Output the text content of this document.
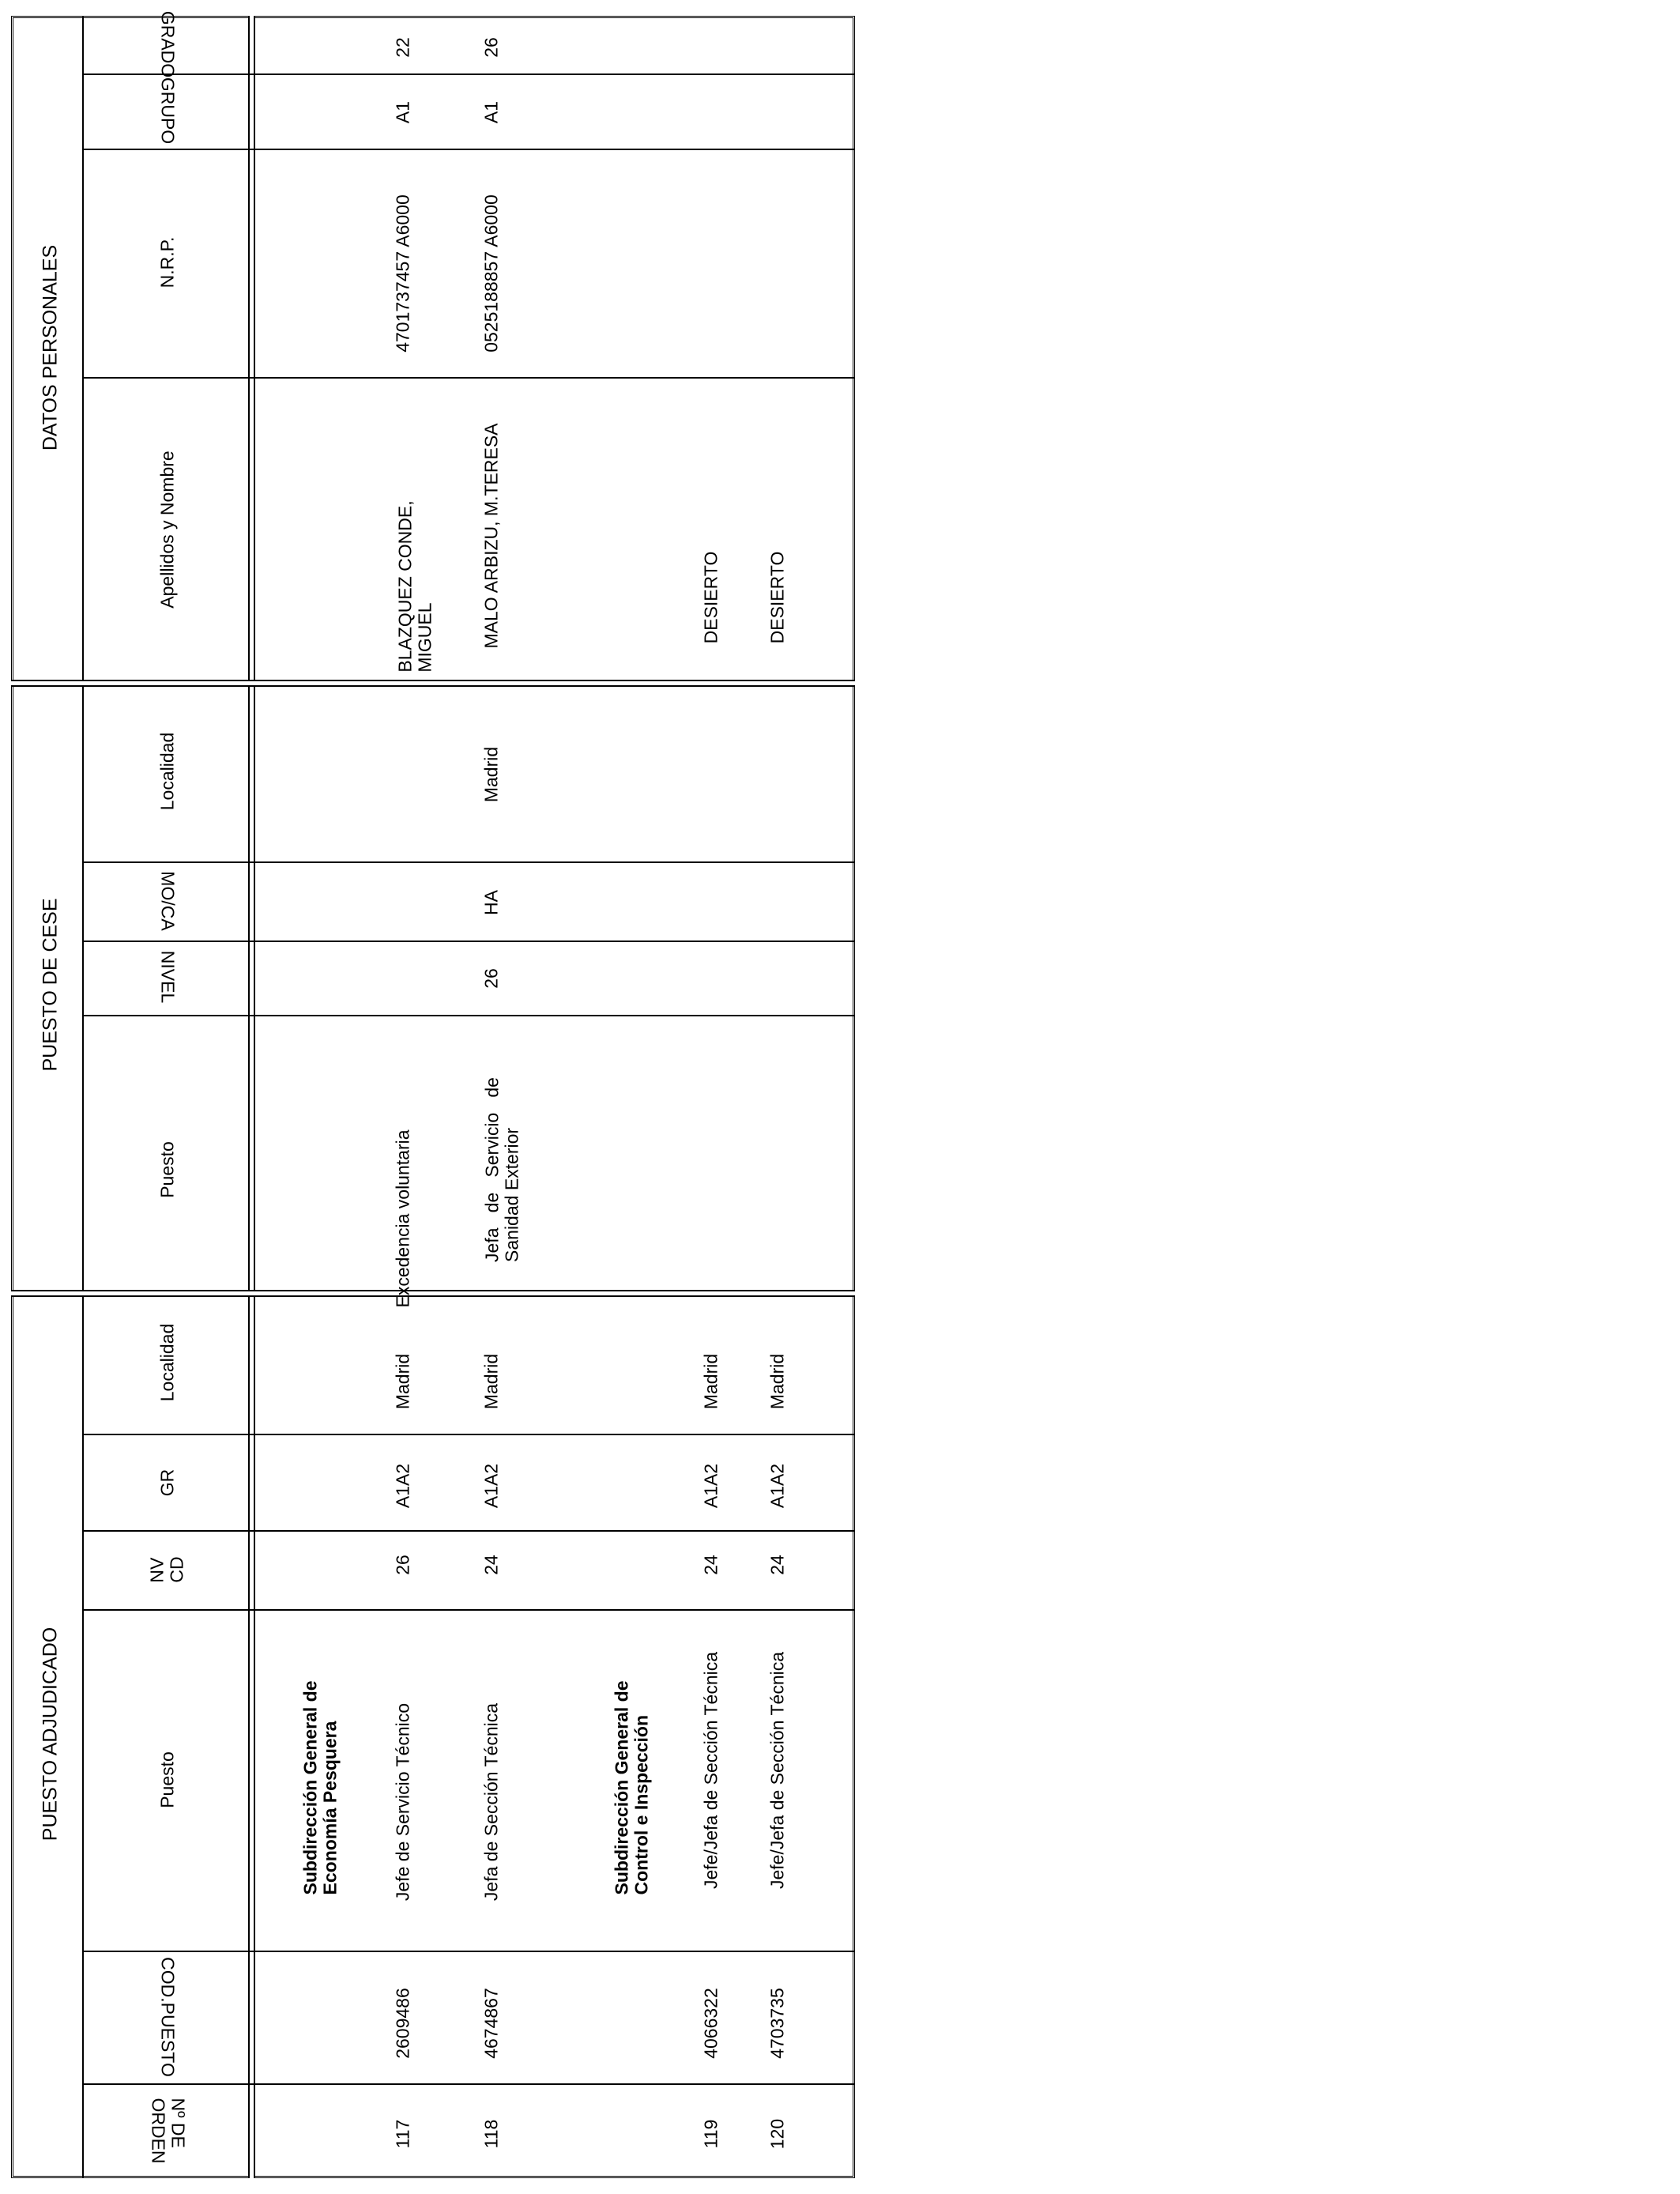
DATOS PERSONALES
PUESTO DE CESE
PUESTO ADJUDICADO
GRADO
GRUPO
N.R.P.
Apellidos y Nombre
Localidad
MO/CA
NIVEL
Puesto
Localidad
GR
NV
CD
Puesto
COD.PUESTO
Nº DE
ORDEN
Subdirección General de
Economía Pesquera
Subdirección General de
Control e Inspección
117
2609486
Jefe de Servicio Técnico
26
A1A2
Madrid
Excedencia voluntaria
BLAZQUEZ CONDE,
MIGUEL
4701737457 A6000
A1
22
118
4674867
Jefa de Sección Técnica
24
A1A2
Madrid
Jefa   de   Servicio   de
Sanidad Exterior
26
HA
Madrid
MALO ARBIZU, M.TERESA
0525188857 A6000
A1
26
119
4066322
Jefe/Jefa de Sección Técnica
24
A1A2
Madrid
DESIERTO
120
4703735
Jefe/Jefa de Sección Técnica
24
A1A2
Madrid
DESIERTO
